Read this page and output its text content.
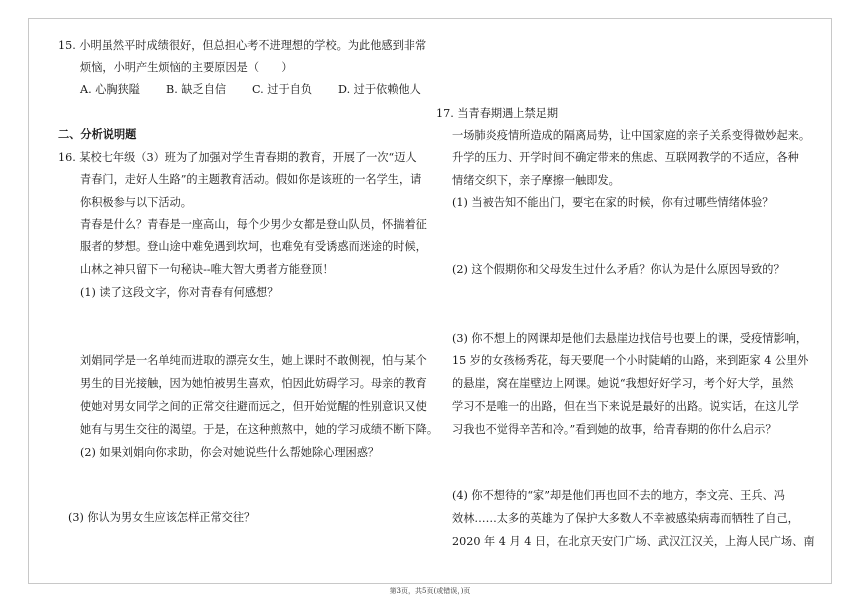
15. 小明虽然平时成绩很好，但总担心考不进理想的学校。为此他感到非常
烦恼，小明产生烦恼的主要原因是（　　）
A. 心胸狭隘	B. 缺乏自信	C. 过于自负	D. 过于依赖他人
二、分析说明题
16. 某校七年级（3）班为了加强对学生青春期的教育，开展了一次“迈人
青春门，走好人生路”的主题教育活动。假如你是该班的一名学生，请
你积极参与以下活动。
青春是什么？青春是一座高山，每个少男少女都是登山队员，怀揣着征
服者的梦想。登山途中难免遇到坎坷，也难免有受诱惑而迷途的时候，
山林之神只留下一句秘诀--唯大智大勇者方能登顶！
(1) 读了这段文字，你对青春有何感想？
刘娟同学是一名单纯而进取的漂亮女生，她上课时不敢侧视，怕与某个
男生的目光接触，因为她怕被男生喜欢，怕因此妨碍学习。母亲的教育
使她对男女同学之间的正常交往避而远之，但开始觉醒的性别意识又使
她有与男生交往的渴望。于是，在这种煎熬中，她的学习成绩不断下降。
(2) 如果刘娟向你求助，你会对她说些什么帮她除心理困惑？
(3) 你认为男女生应该怎样正常交往？
17. 当青春期遇上禁足期
一场肺炎疫情所造成的隔离局势，让中国家庭的亲子关系变得微妙起来。
升学的压力、开学时间不确定带来的焦虑、互联网教学的不适应，各种
情绪交织下，亲子摩擦一触即发。
(1) 当被告知不能出门，要宅在家的时候，你有过哪些情绪体验？
(2) 这个假期你和父母发生过什么矛盾？你认为是什么原因导致的？
(3) 你不想上的网课却是他们去悬崖边找信号也要上的课，受疫情影响，
15 岁的女孩杨秀花，每天要爬一个小时陡峭的山路，来到距家 4 公里外
的悬崖，窝在崖壁边上网课。她说“我想好好学习，考个好大学，虽然
学习不是唯一的出路，但在当下来说是最好的出路。说实话，在这儿学
习我也不觉得辛苦和冷。”看到她的故事，给青春期的你什么启示？
(4) 你不想待的“家”却是他们再也回不去的地方，李文亮、王兵、冯
效林……太多的英雄为了保护大多数人不幸被感染病毒而牺牲了自己，
2020 年 4 月 4 日，在北京天安门广场、武汉江汉关，上海人民广场、南
第3页，共5页(或错误，)页
